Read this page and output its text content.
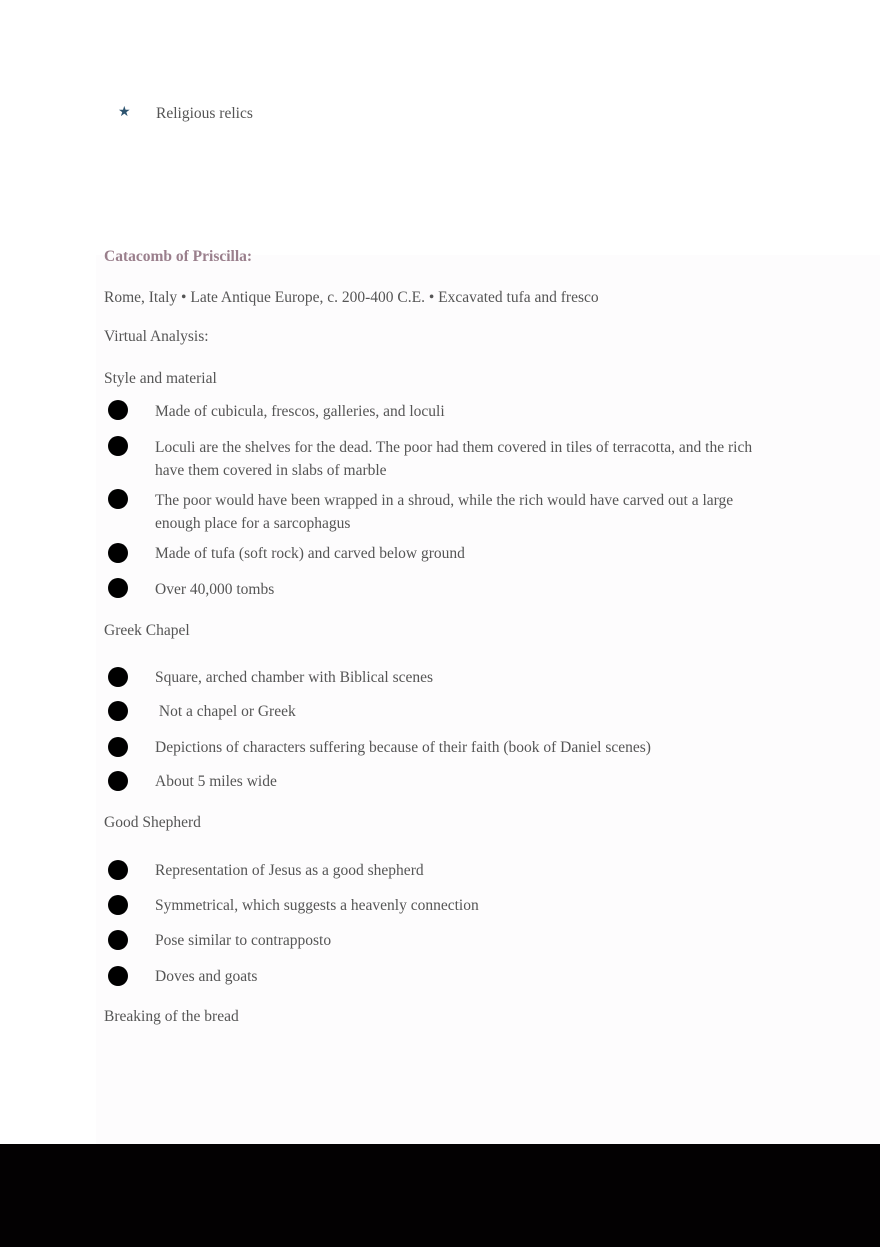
★ Religious relics
Catacomb of Priscilla:
Rome, Italy • Late Antique Europe, c. 200-400 C.E. • Excavated tufa and fresco
Virtual Analysis:
Style and material
Made of cubicula, frescos, galleries, and loculi
Loculi are the shelves for the dead. The poor had them covered in tiles of terracotta, and the rich have them covered in slabs of marble
The poor would have been wrapped in a shroud, while the rich would have carved out a large enough place for a sarcophagus
Made of tufa (soft rock) and carved below ground
Over 40,000 tombs
Greek Chapel
Square, arched chamber with Biblical scenes
Not a chapel or Greek
Depictions of characters suffering because of their faith (book of Daniel scenes)
About 5 miles wide
Good Shepherd
Representation of Jesus as a good shepherd
Symmetrical, which suggests a heavenly connection
Pose similar to contrapposto
Doves and goats
Breaking of the bread
